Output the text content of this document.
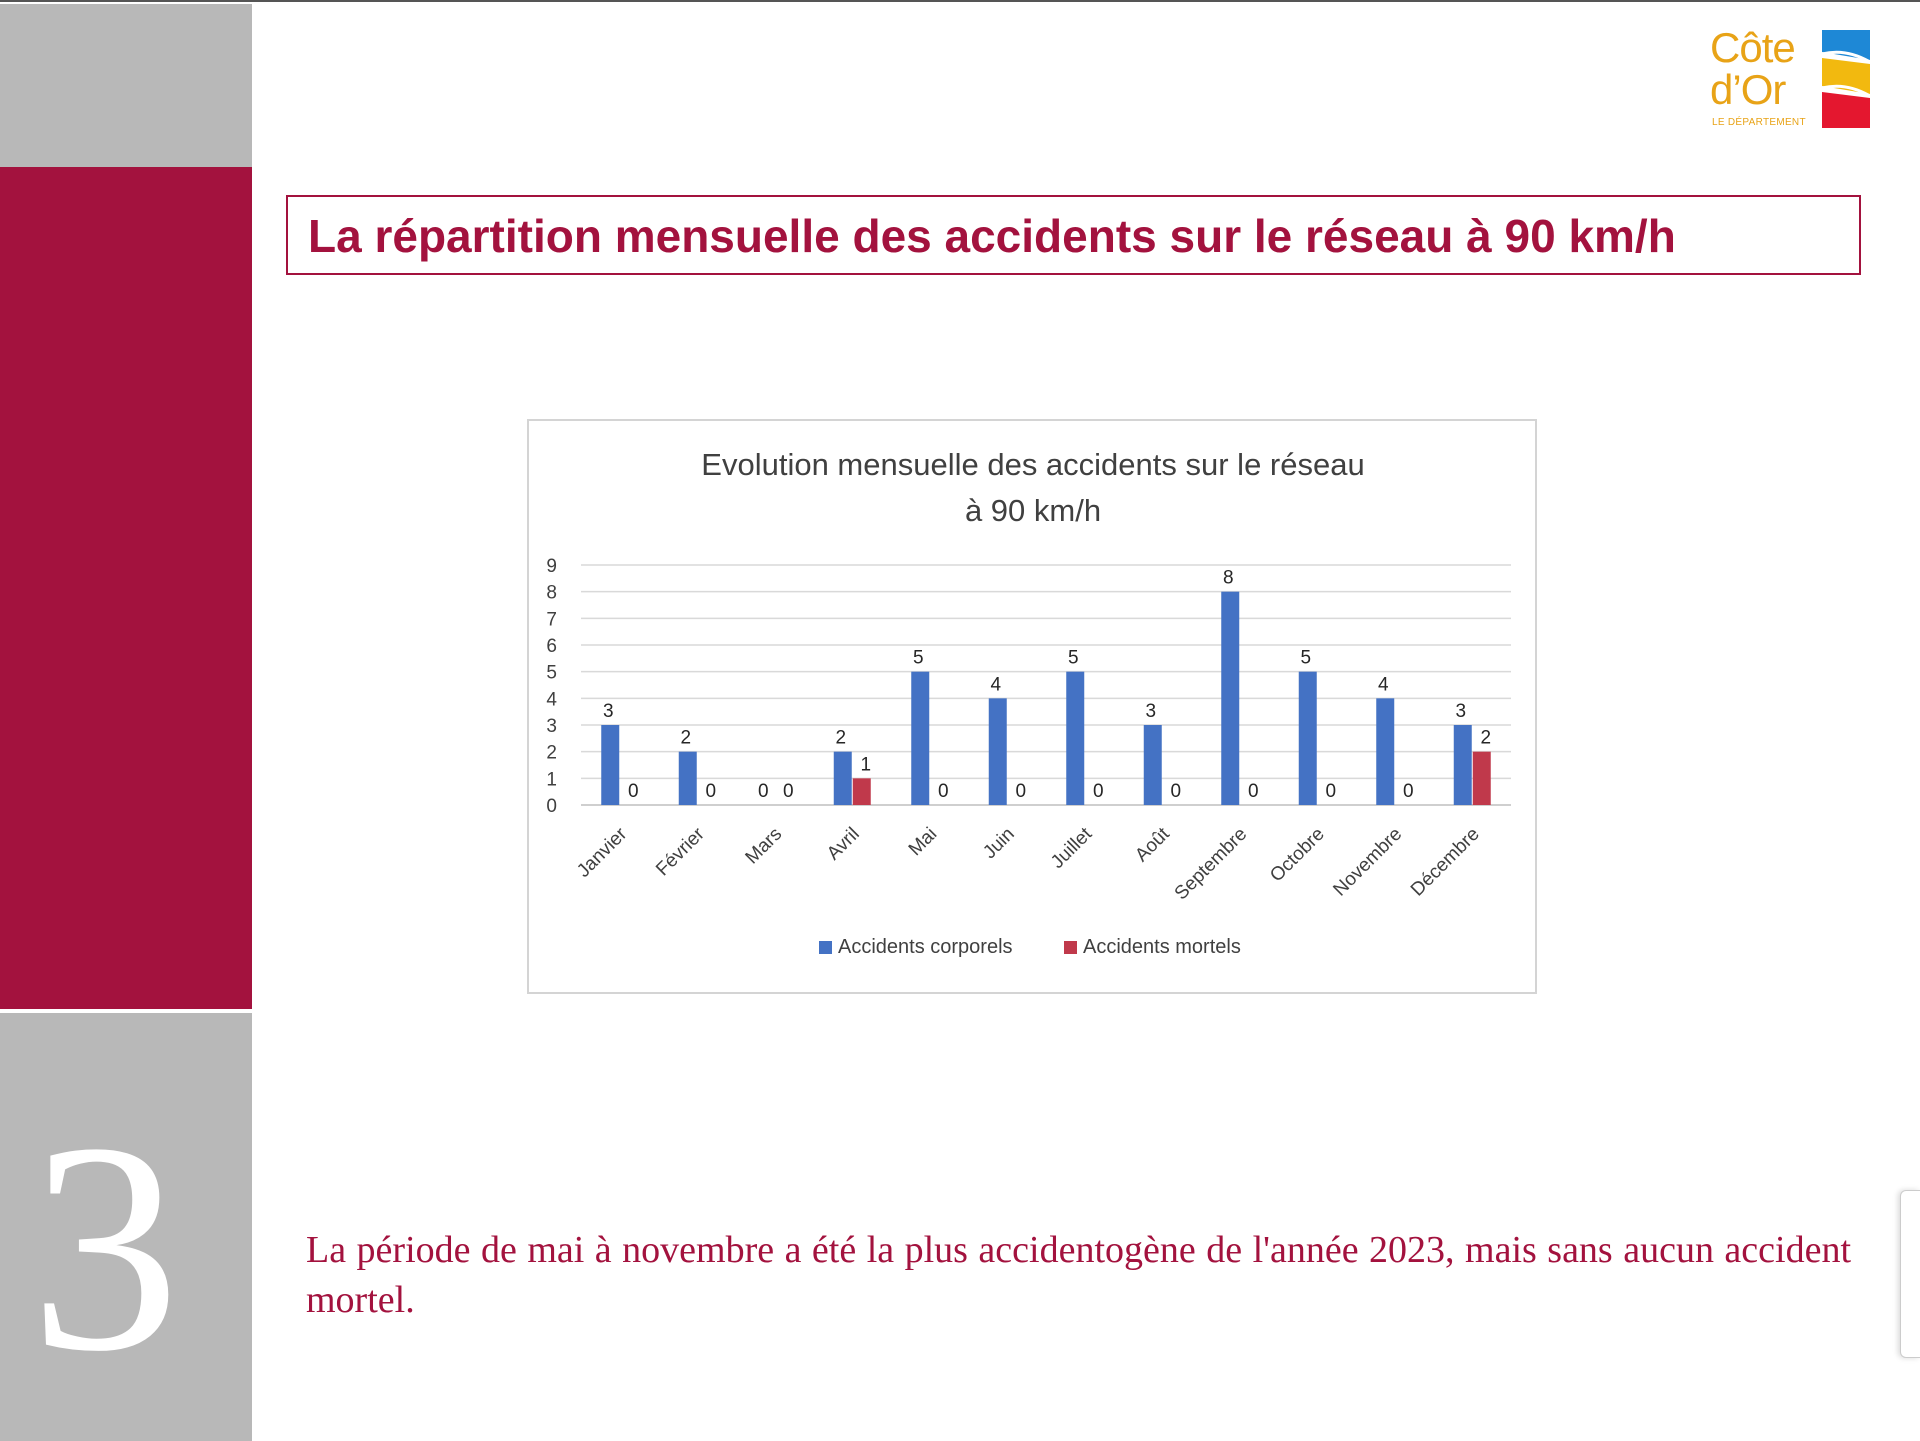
3
Côte
d’Or
LE DÉPARTEMENT
La répartition mensuelle des accidents sur le réseau à 90 km/h
Evolution mensuelle des accidents sur le réseau
à 90 km/h
0
1
2
3
4
5
6
7
8
9
3
0
Janvier
2
0
Février
0 0
Mars
2
1
Avril
5
0
Mai
4
0
Juin
5
0
Juillet
3
0
Août
8
0
Septembre
5
0
Octobre
4
0
Novembre
3
2
Décembre
Accidents corporels	Accidents mortels
La période de mai à novembre a été la plus accidentogène de l'année 2023, mais sans aucun accident mortel.
